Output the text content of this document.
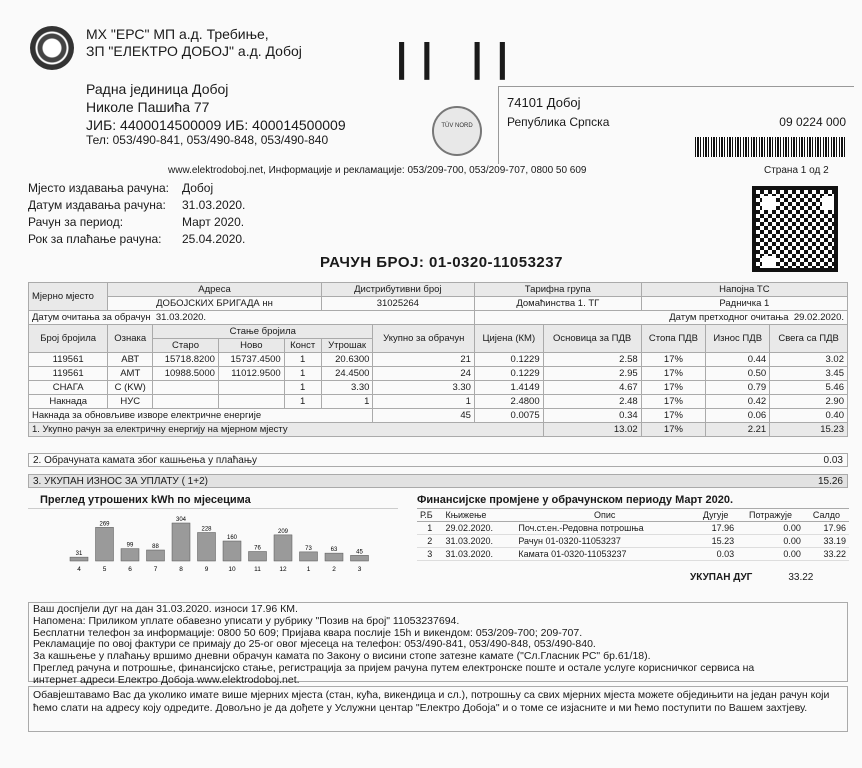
МХ "ЕРС" МП а.д. Требиње,
ЗП "ЕЛЕКТРО ДОБОЈ" а.д. Добој
Радна јединица Добој
Николе Пашића 77
ЈИБ: 4400014500009 ИБ: 400014500009
Тел: 053/490-841, 053/490-848, 053/490-840
|| ||
TÜV NORD
74101 Добој
Република Српска	09 0224 000
www.elektrodoboj.net, Информације и рекламације: 053/209-700, 053/209-707, 0800 50 609	Страна 1 од 2
Мјесто издавања рачуна:	Добој
Датум издавања рачуна:	31.03.2020.
Рачун за период:	Март 2020.
Рок за плаћање рачуна:	25.04.2020.
РАЧУН БРОЈ: 01-0320-11053237
Мјерно мјесто	Адреса				Дистрибутивни број		Тарифна група		Напојна ТС		
	ДОБОЈСКИХ БРИГАДА нн				31025264		Домаћинства 1. ТГ		Радничка 1		
Датум очитања за обрачун 31.03.2020.							Датум претходног очитања 29.02.2020.				
Број бројила	Ознака	Стање бројила				Укупно за обрачун	Цијена (КМ)	Основица за ПДВ	Стопа ПДВ	Износ ПДВ	Свега са ПДВ
		Старо	Ново	Конст	Утрошак						
119561	АВТ	15718.8200	15737.4500	1	20.6300	21	0.1229	2.58	17%	0.44	3.02
119561	АМТ	10988.5000	11012.9500	1	24.4500	24	0.1229	2.95	17%	0.50	3.45
СНАГА	С (KW)			1	3.30	3.30	1.4149	4.67	17%	0.79	5.46
Накнада	НУС			1	1	1	2.4800	2.48	17%	0.42	2.90
Накнада за обновљиве изворе електричне енергије						45	0.0075	0.34	17%	0.06	0.40
1. Укупно рачун за електричну енергију на мјерном мјесту								13.02	17%	2.21	15.23
2. Обрачуната камата због кашњења у плаћању	0.03
3. УКУПАН ИЗНОС ЗА УПЛАТУ ( 1+2)	15.26
Преглед утрошених kWh по мјесецима
31
4
269
5
99
6
88
7
304
8
228
9
160
10
76
11
209
12
73
1
63
2
45
3
Финансијске промјене у обрачунском периоду Март 2020.
Р.Б	Књижење	Опис	Дугује	Потражује	Салдо
1	29.02.2020.	Поч.ст.ен.-Редовна потрошња	17.96	0.00	17.96
2	31.03.2020.	Рачун 01-0320-11053237	15.23	0.00	33.19
3	31.03.2020.	Камата 01-0320-11053237	0.03	0.00	33.22
УКУПАН ДУГ	33.22
Ваш доспјели дуг на дан 31.03.2020. износи 17.96 КМ.
Напомена: Приликом уплате обавезно уписати у рубрику "Позив на број" 11053237694.
Бесплатни телефон за информације: 0800 50 609; Пријава квара послије 15h и викендом: 053/209-700; 209-707.
Рекламације по овој фактури се примају до 25-ог овог мјесеца на телефон: 053/490-841, 053/490-848, 053/490-840.
За кашњење у плаћању вршимо дневни обрачун камата по Закону о висини стопе затезне камате ("Сл.Гласник РС" бр.61/18).
Преглед рачуна и потрошње, финансијско стање, регистрација за пријем рачуна путем електронске поште и остале услуге корисничког сервиса на
интернет адреси Електро Добоја www.elektrodoboj.net.
Обавјештавамо Вас да уколико имате више мјерних мјеста (стан, кућа, викендица и сл.), потрошњу са свих мјерних мјеста можете обједињити на један рачун који ћемо слати на адресу коју одредите. Довољно је да дођете у Услужни центар "Електро Добоја" и о томе се изјасните и ми ћемо поступити по Вашем захтјеву.
